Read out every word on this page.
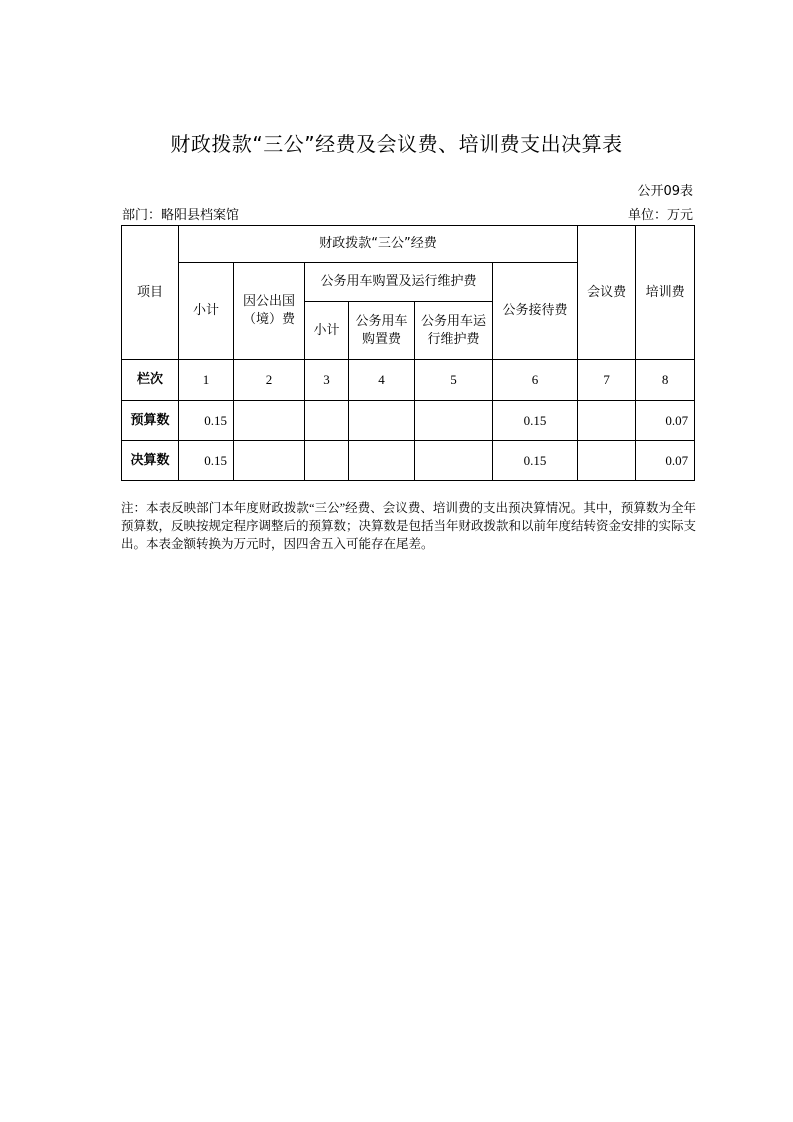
财政拨款“三公”经费及会议费、培训费支出决算表
公开09表
部门：略阳县档案馆	单位：万元
项目	财政拨款“三公”经费						会议费	培训费
	小计	因公出国（境）费	公务用车购置及运行维护费			公务接待费		
			小计	公务用车购置费	公务用车运行维护费			
栏次	1	2	3	4	5	6	7	8
预算数	0.15					0.15		0.07
决算数	0.15					0.15		0.07
注：本表反映部门本年度财政拨款“三公”经费、会议费、培训费的支出预决算情况。其中，预算数为全年预算数，反映按规定程序调整后的预算数；决算数是包括当年财政拨款和以前年度结转资金安排的实际支出。本表金额转换为万元时，因四舍五入可能存在尾差。
